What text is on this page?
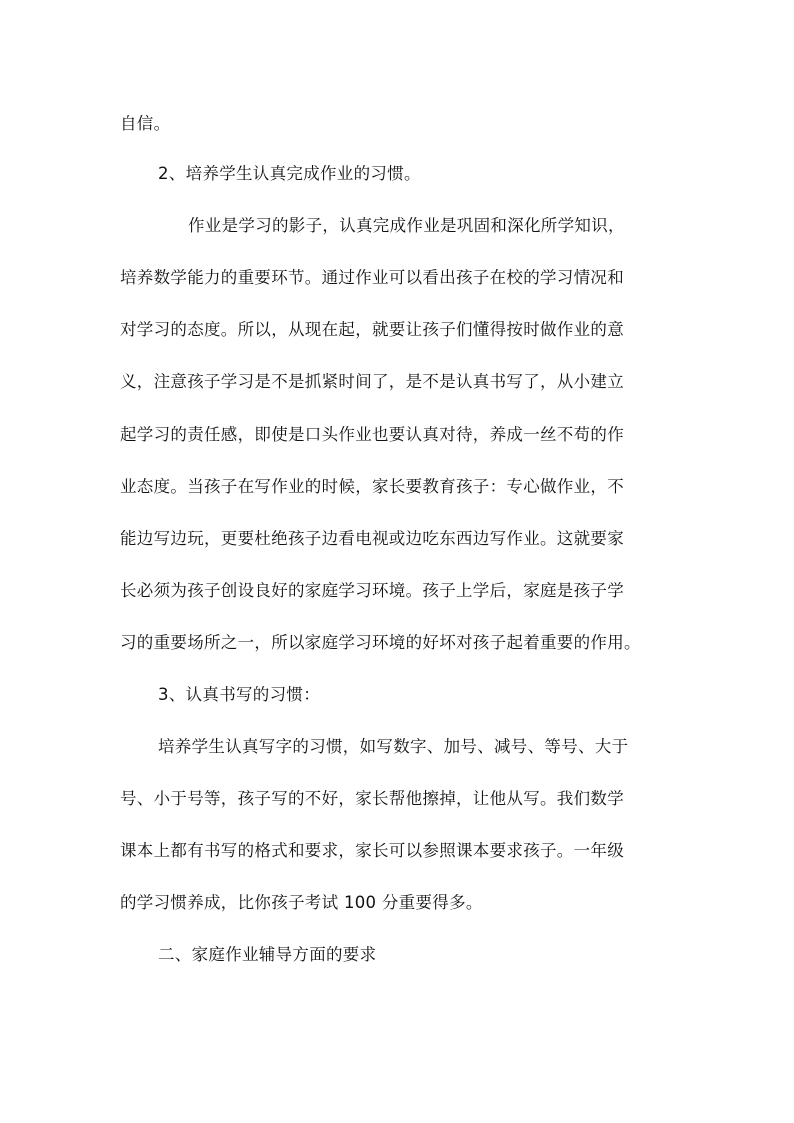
自信。
2、培养学生认真完成作业的习惯。
作业是学习的影子，认真完成作业是巩固和深化所学知识，
培养数学能力的重要环节。通过作业可以看出孩子在校的学习情况和
对学习的态度。所以，从现在起，就要让孩子们懂得按时做作业的意
义，注意孩子学习是不是抓紧时间了，是不是认真书写了，从小建立
起学习的责任感，即使是口头作业也要认真对待，养成一丝不苟的作
业态度。当孩子在写作业的时候，家长要教育孩子：专心做作业，不
能边写边玩，更要杜绝孩子边看电视或边吃东西边写作业。这就要家
长必须为孩子创设良好的家庭学习环境。孩子上学后，家庭是孩子学
习的重要场所之一，所以家庭学习环境的好坏对孩子起着重要的作用。
3、认真书写的习惯：
培养学生认真写字的习惯，如写数字、加号、减号、等号、大于
号、小于号等，孩子写的不好，家长帮他擦掉，让他从写。我们数学
课本上都有书写的格式和要求，家长可以参照课本要求孩子。一年级
的学习惯养成，比你孩子考试 100 分重要得多。
二、家庭作业辅导方面的要求
